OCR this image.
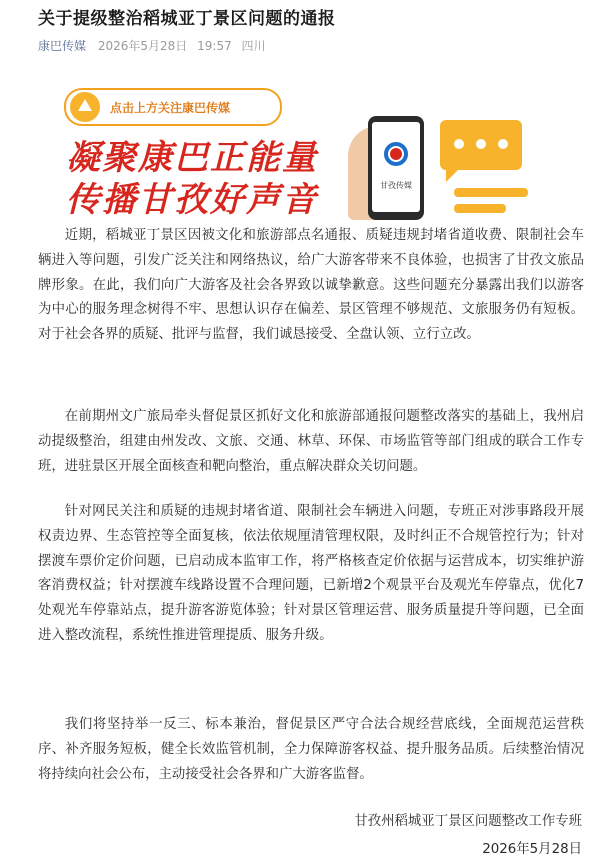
关于提级整治稻城亚丁景区问题的通报
康巴传媒 2026年5月28日 19:57 四川
点击上方关注康巴传媒
凝聚康巴正能量
传播甘孜好声音	甘孜传媒

近期，稻城亚丁景区因被文化和旅游部点名通报、质疑违规封堵省道收费、限制社会车辆进入等问题，引发广泛关注和网络热议，给广大游客带来不良体验，也损害了甘孜文旅品牌形象。在此，我们向广大游客及社会各界致以诚挚歉意。这些问题充分暴露出我们以游客为中心的服务理念树得不牢、思想认识存在偏差、景区管理不够规范、文旅服务仍有短板。对于社会各界的质疑、批评与监督，我们诚恳接受、全盘认领、立行立改。

在前期州文广旅局牵头督促景区抓好文化和旅游部通报问题整改落实的基础上，我州启动提级整治，组建由州发改、文旅、交通、林草、环保、市场监管等部门组成的联合工作专班，进驻景区开展全面核查和靶向整治，重点解决群众关切问题。

针对网民关注和质疑的违规封堵省道、限制社会车辆进入问题，专班正对涉事路段开展权责边界、生态管控等全面复核，依法依规厘清管理权限，及时纠正不合规管控行为；针对摆渡车票价定价问题，已启动成本监审工作，将严格核查定价依据与运营成本，切实维护游客消费权益；针对摆渡车线路设置不合理问题，已新增2个观景平台及观光车停靠点，优化7处观光车停靠站点，提升游客游览体验；针对景区管理运营、服务质量提升等问题，已全面进入整改流程，系统性推进管理提质、服务升级。

我们将坚持举一反三、标本兼治，督促景区严守合法合规经营底线，全面规范运营秩序、补齐服务短板，健全长效监管机制，全力保障游客权益、提升服务品质。后续整治情况将持续向社会公布，主动接受社会各界和广大游客监督。

甘孜州稻城亚丁景区问题整改工作专班
2026年5月28日
